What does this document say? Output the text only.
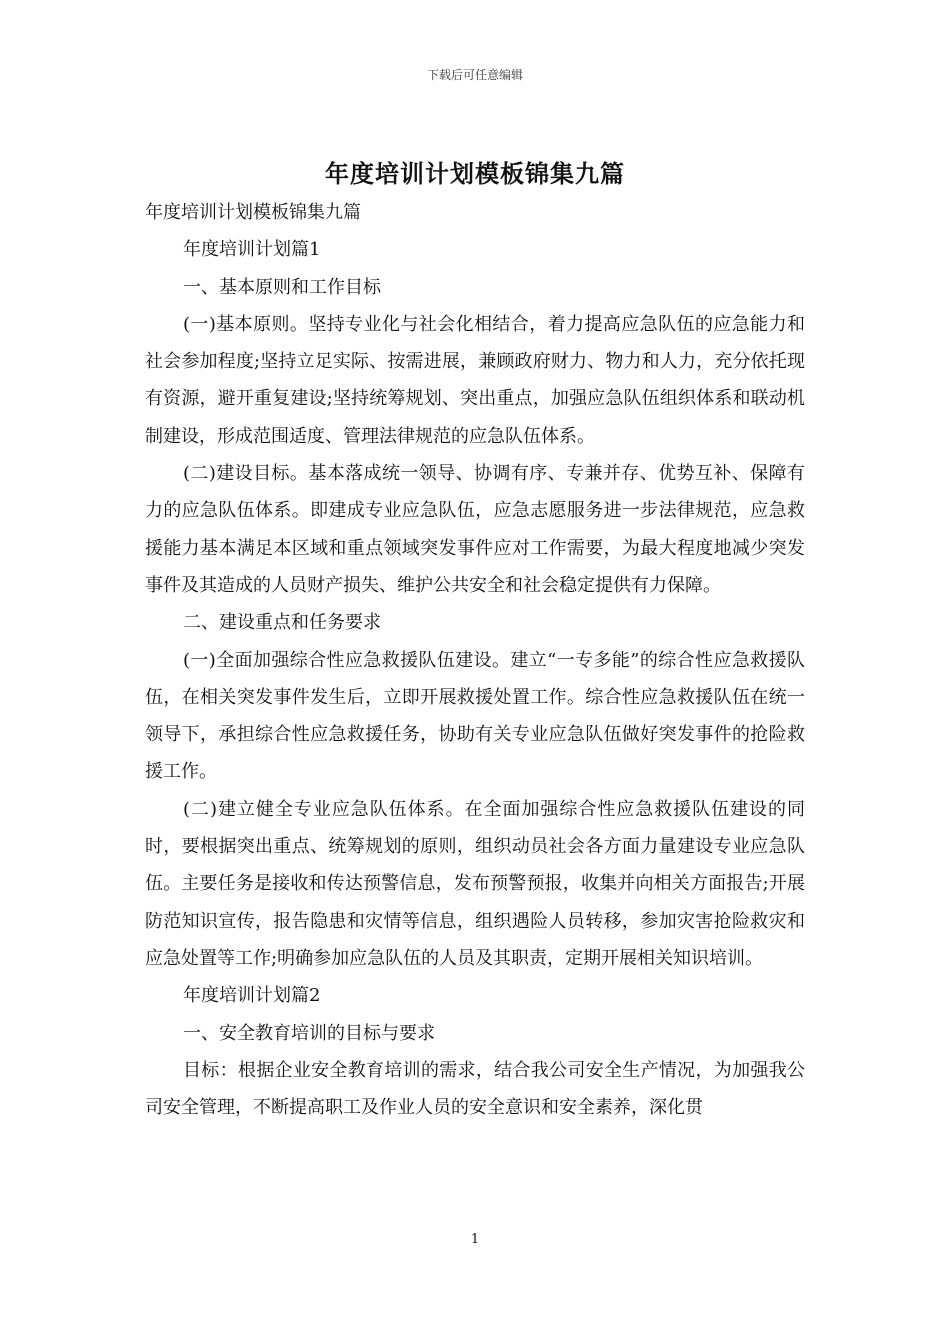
下载后可任意编辑
年度培训计划模板锦集九篇

年度培训计划模板锦集九篇

年度培训计划篇1

一、基本原则和工作目标

(一)基本原则。坚持专业化与社会化相结合，着力提高应急队伍的应急能力和社会参加程度;坚持立足实际、按需进展，兼顾政府财力、物力和人力，充分依托现有资源，避开重复建设;坚持统筹规划、突出重点，加强应急队伍组织体系和联动机制建设，形成范围适度、管理法律规范的应急队伍体系。

(二)建设目标。基本落成统一领导、协调有序、专兼并存、优势互补、保障有力的应急队伍体系。即建成专业应急队伍，应急志愿服务进一步法律规范，应急救援能力基本满足本区域和重点领域突发事件应对工作需要，为最大程度地减少突发事件及其造成的人员财产损失、维护公共安全和社会稳定提供有力保障。

二、建设重点和任务要求

(一)全面加强综合性应急救援队伍建设。建立“一专多能”的综合性应急救援队伍，在相关突发事件发生后，立即开展救援处置工作。综合性应急救援队伍在统一领导下，承担综合性应急救援任务，协助有关专业应急队伍做好突发事件的抢险救援工作。

(二)建立健全专业应急队伍体系。在全面加强综合性应急救援队伍建设的同时，要根据突出重点、统筹规划的原则，组织动员社会各方面力量建设专业应急队伍。主要任务是接收和传达预警信息，发布预警预报，收集并向相关方面报告;开展防范知识宣传，报告隐患和灾情等信息，组织遇险人员转移，参加灾害抢险救灾和应急处置等工作;明确参加应急队伍的人员及其职责，定期开展相关知识培训。

年度培训计划篇2

一、安全教育培训的目标与要求

目标：根据企业安全教育培训的需求，结合我公司安全生产情况，为加强我公司安全管理，不断提高职工及作业人员的安全意识和安全素养，深化贯

1
